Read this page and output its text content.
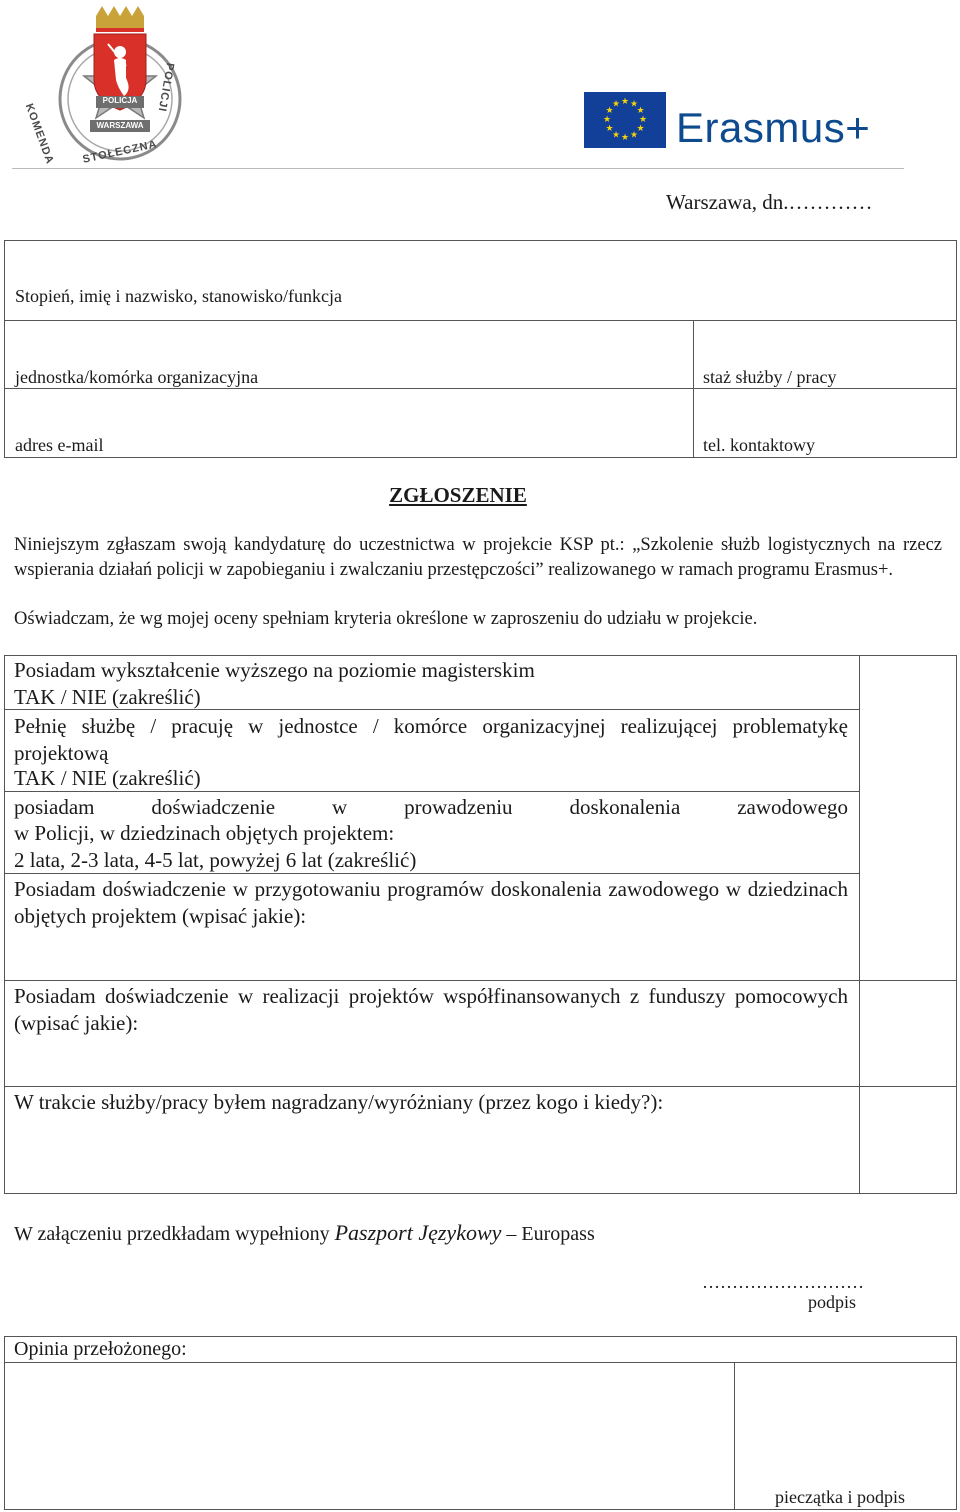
POLICJA
WARSZAWA
KOMENDA STOŁECZNA
POLICJI	★ ★
★
★
★
★
★
★
★
★
★
★ Erasmus+
Warszawa, dn.…………
Stopień, imię i nazwisko, stanowisko/funkcja
jednostka/komórka organizacyjna	staż służby / pracy
adres e-mail	tel. kontaktowy
ZGŁOSZENIE
Niniejszym zgłaszam swoją kandydaturę do uczestnictwa w projekcie KSP pt.: „Szkolenie służb logistycznych na rzecz wspierania działań policji w zapobieganiu i zwalczaniu przestępczości” realizowanego w ramach programu Erasmus+.
Oświadczam, że wg mojej oceny spełniam kryteria określone w zaproszeniu do udziału w projekcie.
Posiadam wykształcenie wyższego na poziomie magisterskim
TAK / NIE (zakreślić)
Pełnię służbę / pracuję w jednostce / komórce organizacyjnej realizującej problematykę projektową
TAK / NIE (zakreślić)
posiadam doświadczenie w prowadzeniu doskonalenia zawodowego
w Policji, w dziedzinach objętych projektem:
2 lata, 2-3 lata, 4-5 lat, powyżej 6 lat (zakreślić)
Posiadam doświadczenie w przygotowaniu programów doskonalenia zawodowego w dziedzinach objętych projektem (wpisać jakie):
Posiadam doświadczenie w realizacji projektów współfinansowanych z funduszy pomocowych (wpisać jakie):
W trakcie służby/pracy byłem nagradzany/wyróżniany (przez kogo i kiedy?):
W załączeniu przedkładam wypełniony Paszport Językowy – Europass
………………………
podpis
Opinia przełożonego:
pieczątka i podpis
